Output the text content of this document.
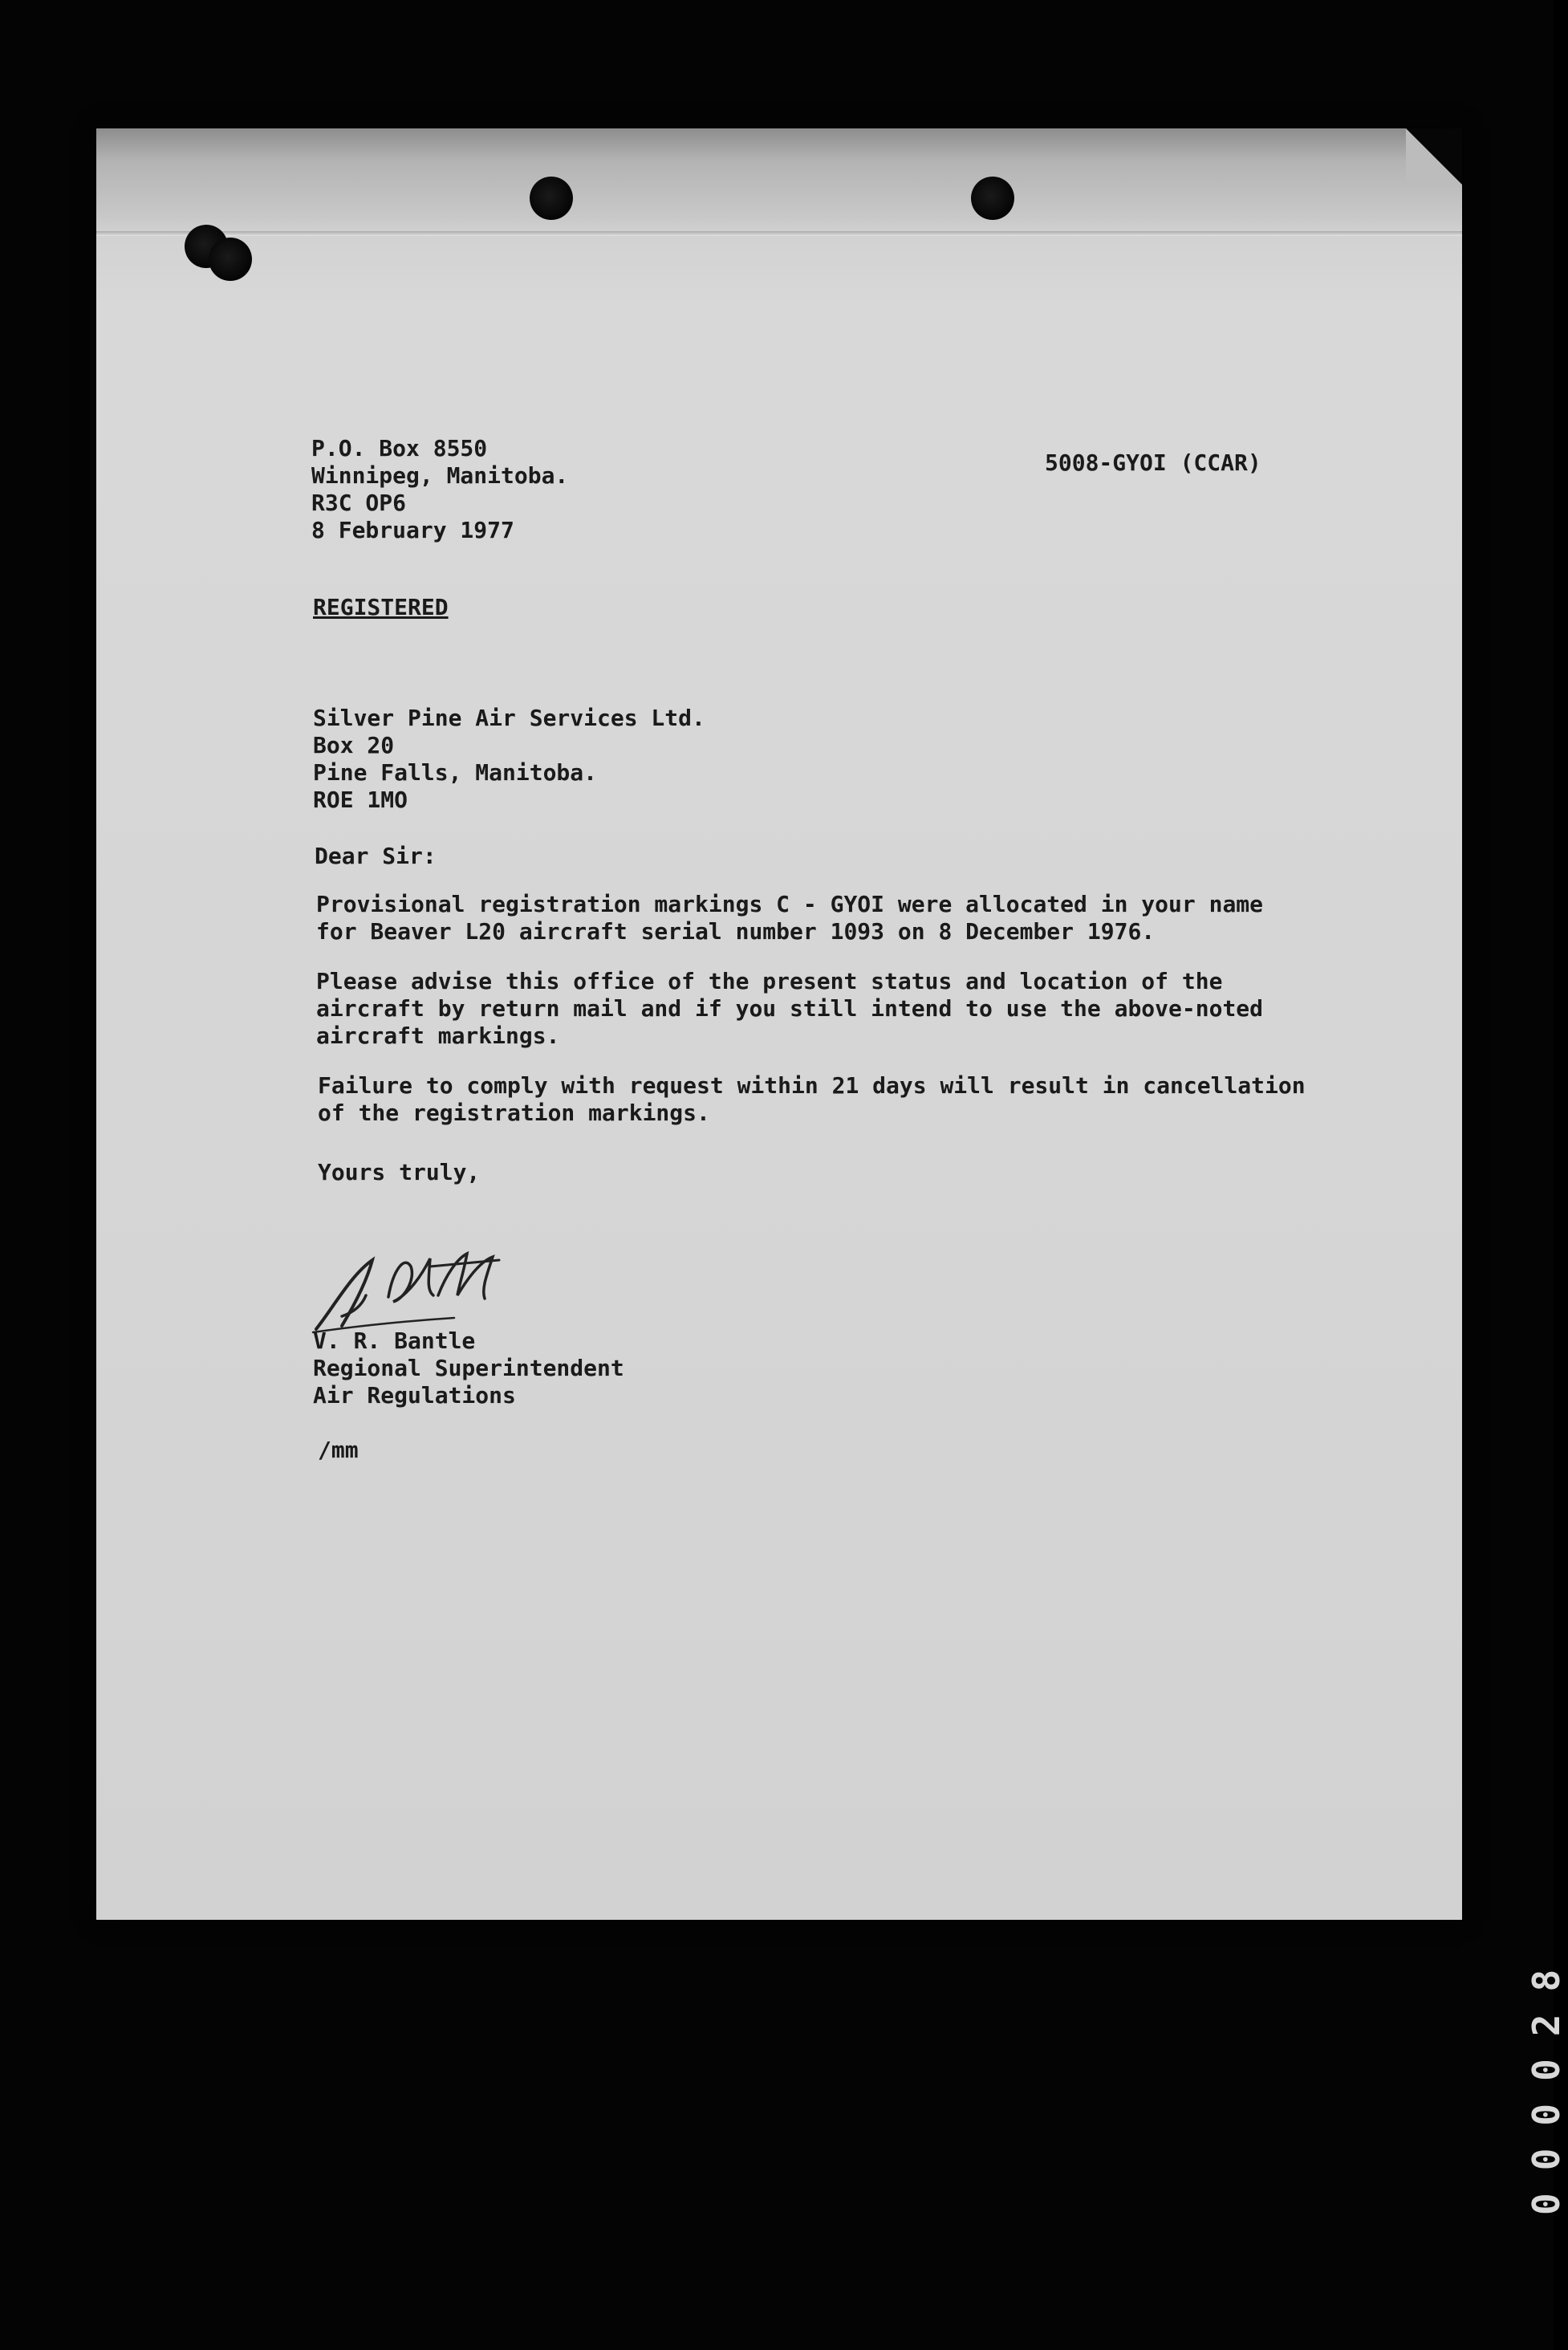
P.O. Box 8550
Winnipeg, Manitoba.
R3C OP6
8 February 1977
5008-GYOI (CCAR)
REGISTERED
Silver Pine Air Services Ltd.
Box 20
Pine Falls, Manitoba.
ROE 1MO
Dear Sir:
Provisional registration markings C - GYOI were allocated in your name
for Beaver L20 aircraft serial number 1093 on 8 December 1976.
Please advise this office of the present status and location of the
aircraft by return mail and if you still intend to use the above-noted
aircraft markings.
Failure to comply with request within 21 days will result in cancellation
of the registration markings.
Yours truly,
V. R. Bantle
Regional Superintendent
Air Regulations
/mm
000028
